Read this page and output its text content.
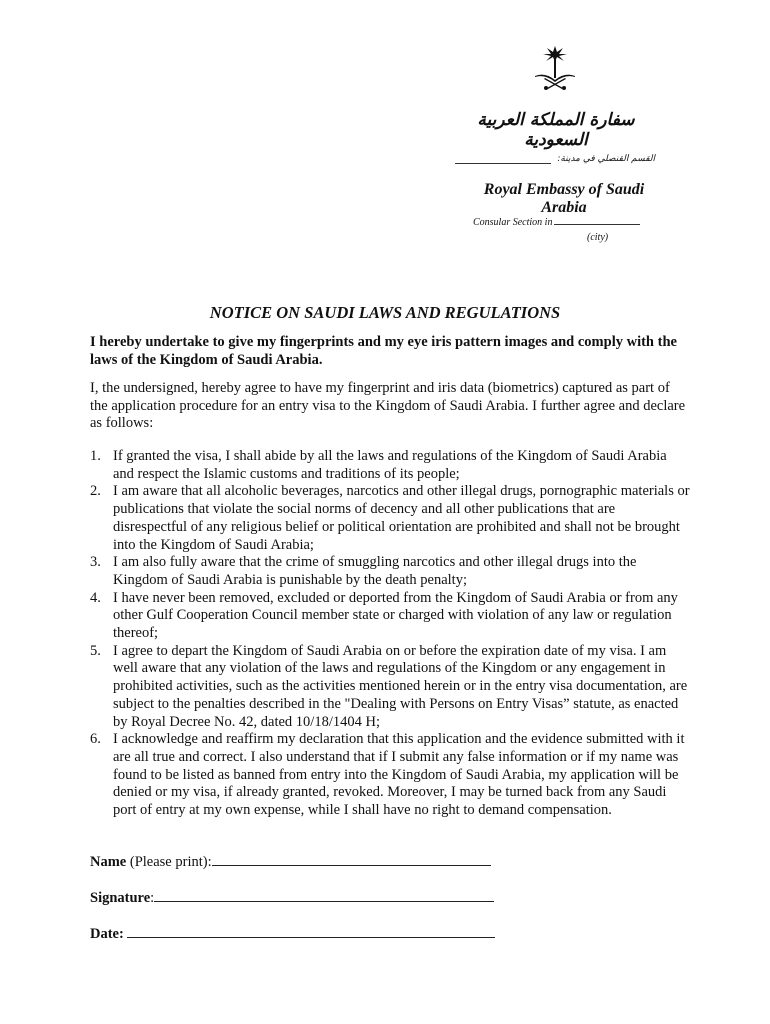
سفارة المملكة العربية السعودية
القسم القنصلي في مدينة:
Royal Embassy of Saudi Arabia
Consular Section in
(city)
NOTICE ON SAUDI LAWS AND REGULATIONS
I hereby undertake to give my fingerprints and my eye iris pattern images and comply with the laws of the Kingdom of Saudi Arabia.
I, the undersigned, hereby agree to have my fingerprint and iris data (biometrics) captured as part of the application procedure for an entry visa to the Kingdom of Saudi Arabia. I further agree and declare as follows:
1. If granted the visa, I shall abide by all the laws and regulations of the Kingdom of Saudi Arabia and respect the Islamic customs and traditions of its people;
2. I am aware that all alcoholic beverages, narcotics and other illegal drugs, pornographic materials or publications that violate the social norms of decency and all other publications that are disrespectful of any religious belief or political orientation are prohibited and shall not be brought into the Kingdom of Saudi Arabia;
3. I am also fully aware that the crime of smuggling narcotics and other illegal drugs into the Kingdom of Saudi Arabia is punishable by the death penalty;
4. I have never been removed, excluded or deported from the Kingdom of Saudi Arabia or from any other Gulf Cooperation Council member state or charged with violation of any law or regulation thereof;
5. I agree to depart the Kingdom of Saudi Arabia on or before the expiration date of my visa. I am well aware that any violation of the laws and regulations of the Kingdom or any engagement in prohibited activities, such as the activities mentioned herein or in the entry visa documentation, are subject to the penalties described in the "Dealing with Persons on Entry Visas” statute, as enacted by Royal Decree No. 42, dated 10/18/1404 H;
6. I acknowledge and reaffirm my declaration that this application and the evidence submitted with it are all true and correct. I also understand that if I submit any false information or if my name was found to be listed as banned from entry into the Kingdom of Saudi Arabia, my application will be denied or my visa, if already granted, revoked. Moreover, I may be turned back from any Saudi port of entry at my own expense, while I shall have no right to demand compensation.
Name (Please print):
Signature:
Date:
